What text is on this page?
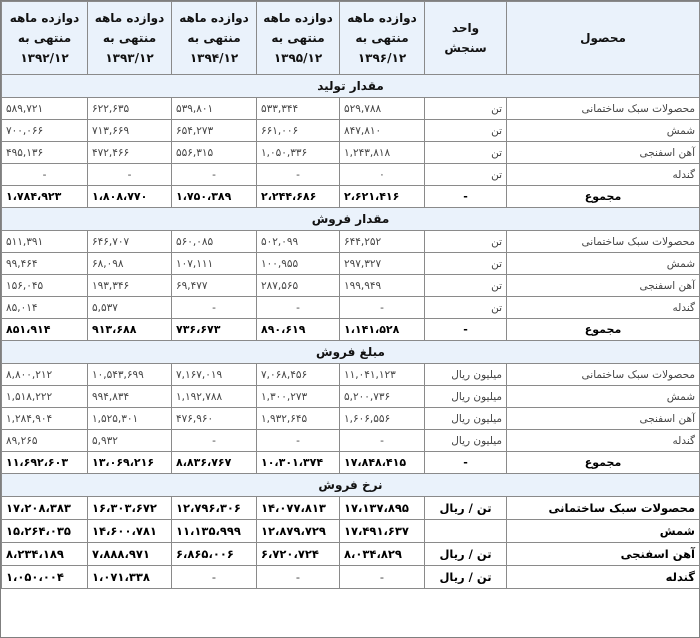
محصول	واحد سنجش	دوازده ماهه منتهی به ۱۳۹۶/۱۲	دوازده ماهه منتهی به ۱۳۹۵/۱۲	دوازده ماهه منتهی به ۱۳۹۴/۱۲	دوازده ماهه منتهی به ۱۳۹۳/۱۲	دوازده ماهه منتهی به ۱۳۹۲/۱۲
مقدار تولید						
محصولات سبک ساختمانی	تن	۵۲۹,۷۸۸	۵۳۳,۳۴۴	۵۳۹,۸۰۱	۶۲۲,۶۳۵	۵۸۹,۷۲۱
شمش	تن	۸۴۷,۸۱۰	۶۶۱,۰۰۶	۶۵۴,۲۷۳	۷۱۳,۶۶۹	۷۰۰,۰۶۶
آهن اسفنجی	تن	۱,۲۴۳,۸۱۸	۱,۰۵۰,۳۳۶	۵۵۶,۳۱۵	۴۷۲,۴۶۶	۴۹۵,۱۳۶
گندله	تن	۰	-	-	-	-
مجموع	-	۲،۶۲۱،۴۱۶	۲،۲۴۴،۶۸۶	۱،۷۵۰،۳۸۹	۱،۸۰۸،۷۷۰	۱،۷۸۴،۹۲۳
مقدار فروش						
محصولات سبک ساختمانی	تن	۶۴۴,۲۵۲	۵۰۲,۰۹۹	۵۶۰,۰۸۵	۶۴۶,۷۰۷	۵۱۱,۳۹۱
شمش	تن	۲۹۷,۳۲۷	۱۰۰,۹۵۵	۱۰۷,۱۱۱	۶۸,۰۹۸	۹۹,۴۶۴
آهن اسفنجی	تن	۱۹۹,۹۴۹	۲۸۷,۵۶۵	۶۹,۴۷۷	۱۹۳,۳۴۶	۱۵۶,۰۴۵
گندله	تن	-	-	-	۵,۵۳۷	۸۵,۰۱۴
مجموع	-	۱،۱۴۱،۵۲۸	۸۹۰،۶۱۹	۷۳۶،۶۷۳	۹۱۳،۶۸۸	۸۵۱،۹۱۴
مبلغ فروش						
محصولات سبک ساختمانی	میلیون ریال	۱۱,۰۴۱,۱۲۳	۷,۰۶۸,۴۵۶	۷,۱۶۷,۰۱۹	۱۰,۵۴۳,۶۹۹	۸,۸۰۰,۲۱۲
شمش	میلیون ریال	۵,۲۰۰,۷۳۶	۱,۳۰۰,۲۷۳	۱,۱۹۲,۷۸۸	۹۹۴,۸۳۴	۱,۵۱۸,۲۲۲
آهن اسفنجی	میلیون ریال	۱,۶۰۶,۵۵۶	۱,۹۳۲,۶۴۵	۴۷۶,۹۶۰	۱,۵۲۵,۳۰۱	۱,۲۸۴,۹۰۴
گندله	میلیون ریال	-	-	-	۵,۹۳۲	۸۹,۲۶۵
مجموع	-	۱۷،۸۴۸،۴۱۵	۱۰،۳۰۱،۳۷۴	۸،۸۳۶،۷۶۷	۱۳،۰۶۹،۲۱۶	۱۱،۶۹۲،۶۰۳
نرخ فروش						
محصولات سبک ساختمانی	تن / ریال	۱۷،۱۳۷،۸۹۵	۱۴،۰۷۷،۸۱۳	۱۲،۷۹۶،۳۰۶	۱۶،۳۰۳،۶۷۲	۱۷،۲۰۸،۳۸۳
شمش		۱۷،۴۹۱،۶۳۷	۱۲،۸۷۹،۷۲۹	۱۱،۱۳۵،۹۹۹	۱۴،۶۰۰،۷۸۱	۱۵،۲۶۴،۰۳۵
آهن اسفنجی	تن / ریال	۸،۰۳۴،۸۲۹	۶،۷۲۰،۷۲۴	۶،۸۶۵،۰۰۶	۷،۸۸۸،۹۷۱	۸،۲۳۴،۱۸۹
گندله	تن / ریال	-	-	-	۱،۰۷۱،۳۳۸	۱،۰۵۰،۰۰۴
